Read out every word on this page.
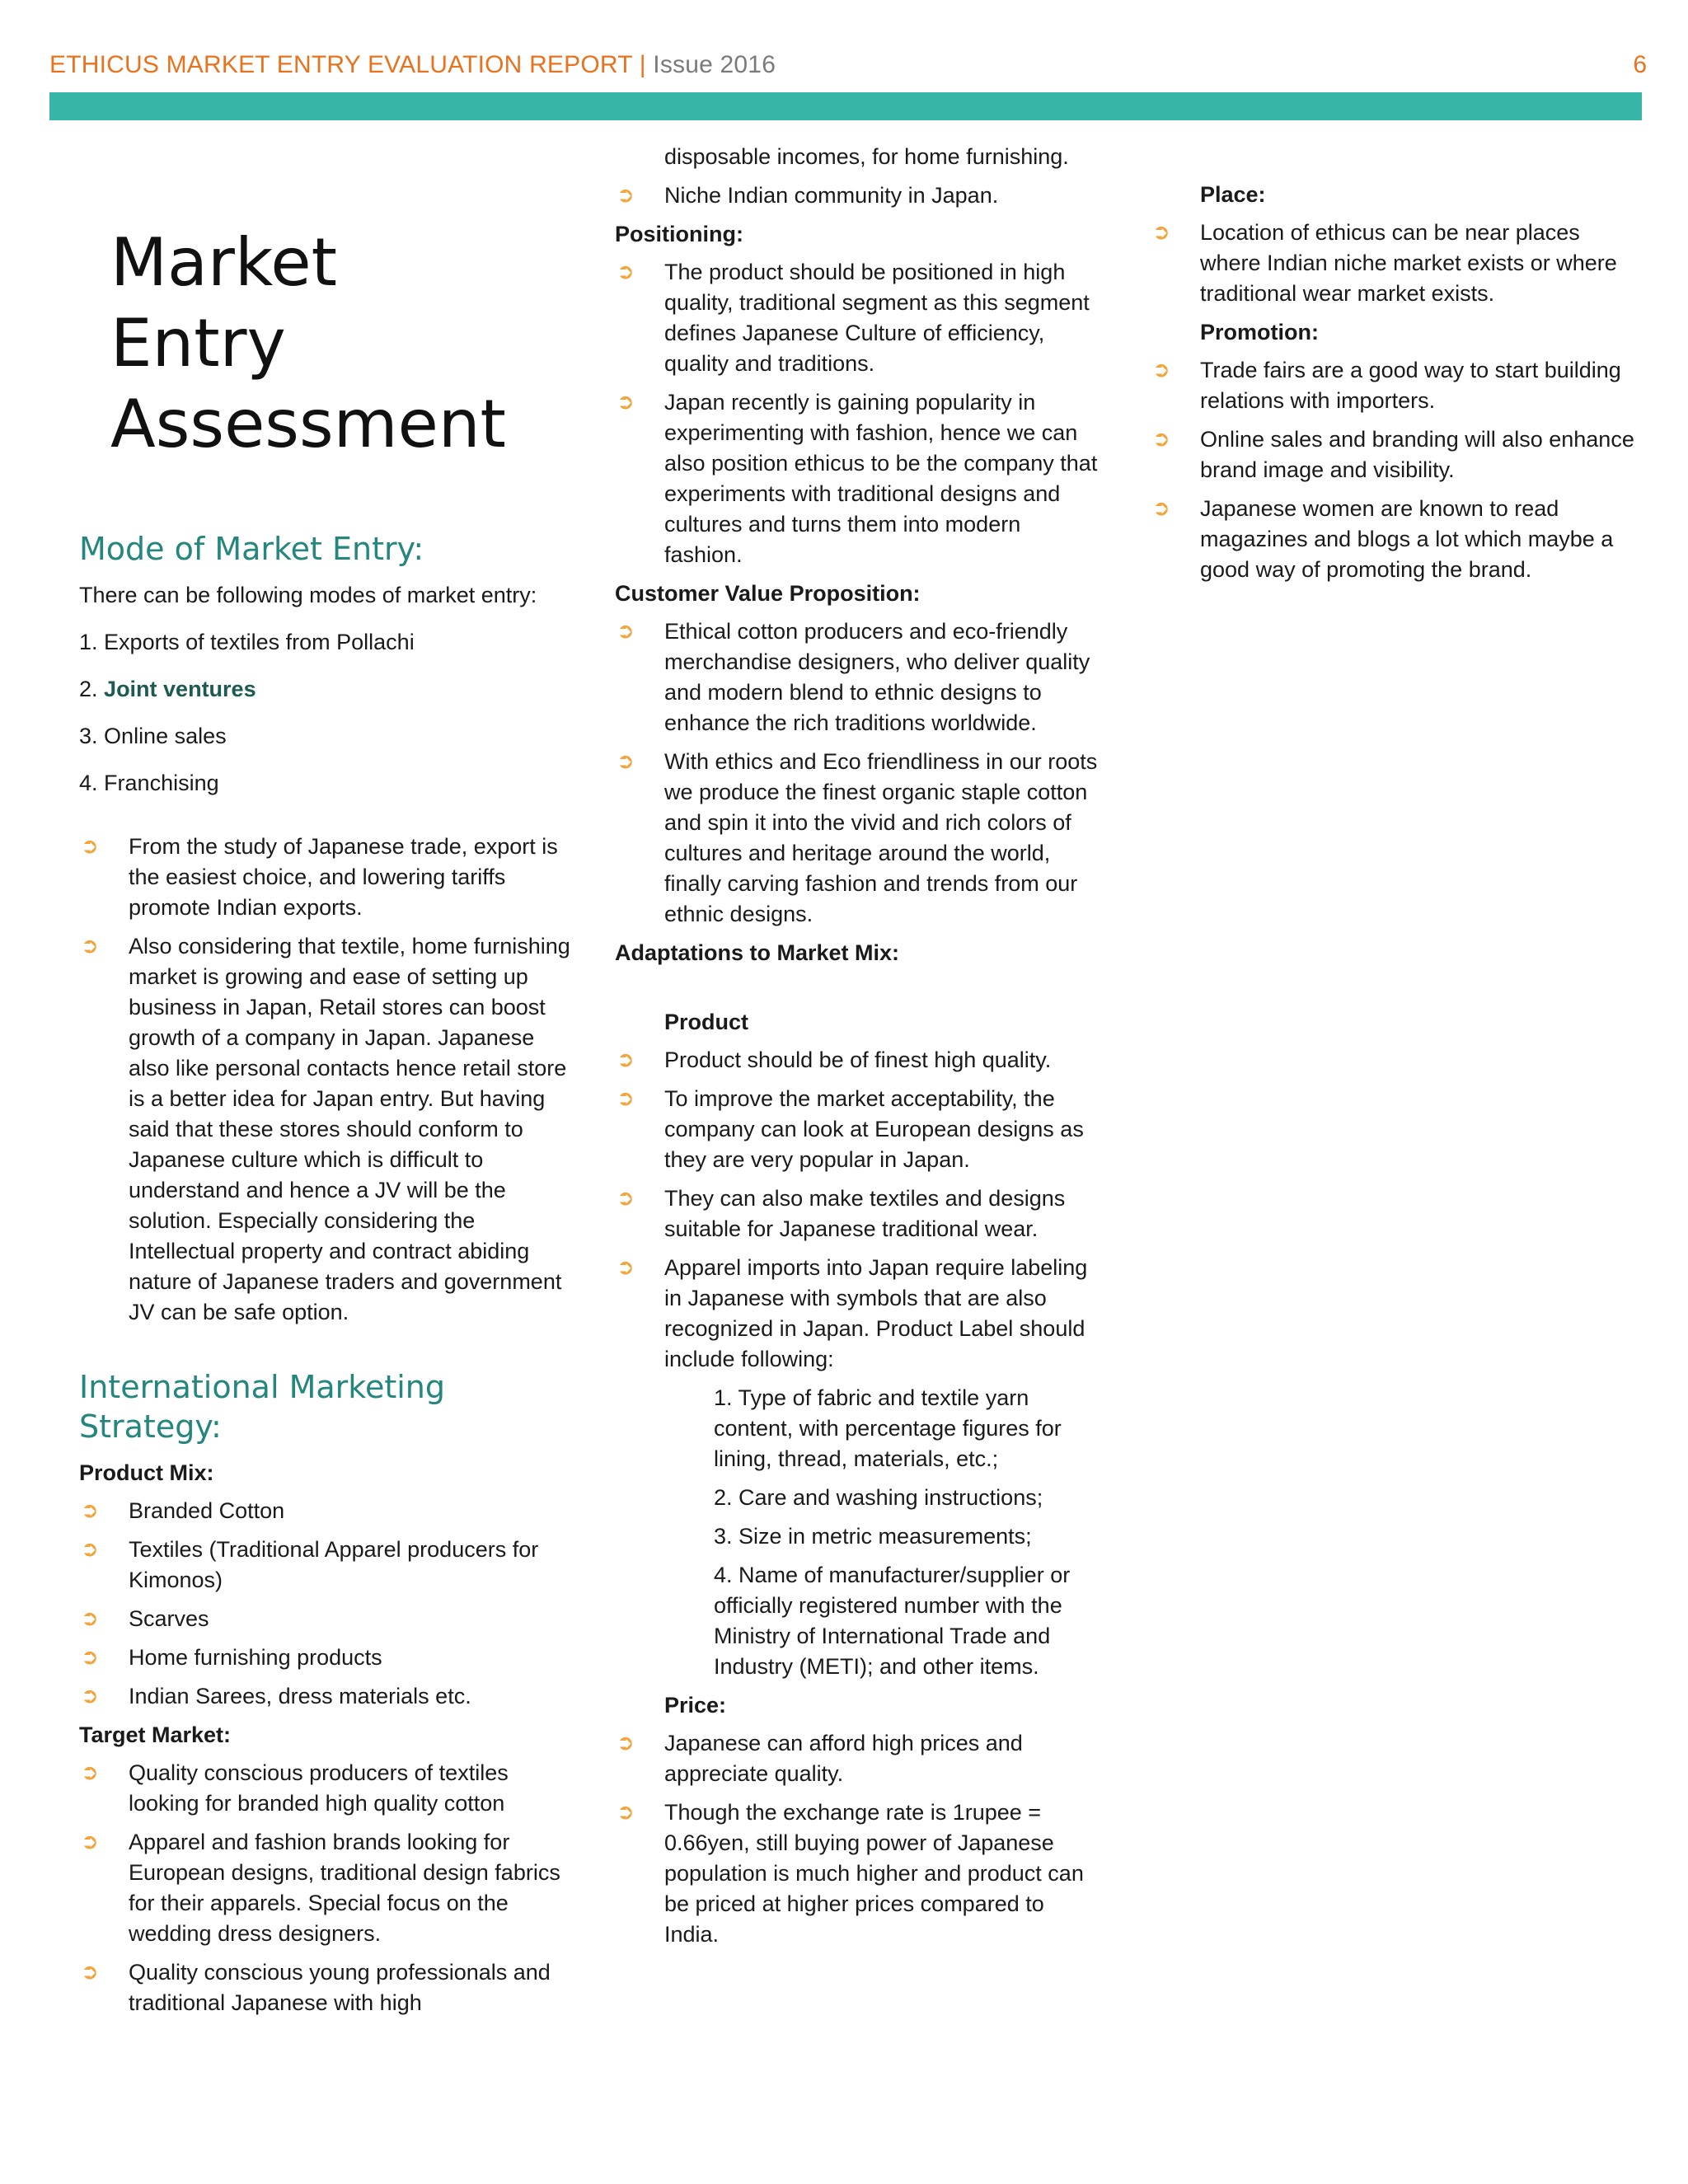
ETHICUS MARKET ENTRY EVALUATION REPORT | Issue 2016	6
Market
Entry
Assessment
Mode of Market Entry:

There can be following modes of market entry:

1. Exports of textiles from Pollachi

2. Joint ventures

3. Online sales

4. Franchising

➲ From the study of Japanese trade, export is the easiest choice, and lowering tariffs promote Indian exports.
➲ Also considering that textile, home furnishing market is growing and ease of setting up business in Japan, Retail stores can boost growth of a company in Japan. Japanese also like personal contacts hence retail store is a better idea for Japan entry. But having said that these stores should conform to Japanese culture which is difficult to understand and hence a JV will be the solution. Especially considering the Intellectual property and contract abiding nature of Japanese traders and government JV can be safe option.
International Marketing Strategy:
Product Mix:
➲ Branded Cotton
➲ Textiles (Traditional Apparel producers for Kimonos)
➲ Scarves
➲ Home furnishing products
➲ Indian Sarees, dress materials etc.
Target Market:
➲ Quality conscious producers of textiles looking for branded high quality cotton
➲ Apparel and fashion brands looking for European designs, traditional design fabrics for their apparels. Special focus on the wedding dress designers.
➲ Quality conscious young professionals and traditional Japanese with high
disposable incomes, for home furnishing.
➲ Niche Indian community in Japan.
Positioning:
➲ The product should be positioned in high quality, traditional segment as this segment defines Japanese Culture of efficiency, quality and traditions.
➲ Japan recently is gaining popularity in experimenting with fashion, hence we can also position ethicus to be the company that experiments with traditional designs and cultures and turns them into modern fashion.
Customer Value Proposition:
➲ Ethical cotton producers and eco-friendly merchandise designers, who deliver quality and modern blend to ethnic designs to enhance the rich traditions worldwide.
➲ With ethics and Eco friendliness in our roots we produce the finest organic staple cotton and spin it into the vivid and rich colors of cultures and heritage around the world, finally carving fashion and trends from our ethnic designs.
Adaptations to Market Mix:
Product
➲ Product should be of finest high quality.
➲ To improve the market acceptability, the company can look at European designs as they are very popular in Japan.
➲ They can also make textiles and designs suitable for Japanese traditional wear.
➲ Apparel imports into Japan require labeling in Japanese with symbols that are also recognized in Japan. Product Label should include following:
1. Type of fabric and textile yarn content, with percentage figures for lining, thread, materials, etc.;
2. Care and washing instructions;
3. Size in metric measurements;
4. Name of manufacturer/supplier or officially registered number with the Ministry of International Trade and Industry (METI); and other items.
Price:
➲ Japanese can afford high prices and appreciate quality.
➲ Though the exchange rate is 1rupee = 0.66yen, still buying power of Japanese population is much higher and product can be priced at higher prices compared to India.
Place:
➲ Location of ethicus can be near places where Indian niche market exists or where traditional wear market exists.
Promotion:
➲ Trade fairs are a good way to start building relations with importers.
➲ Online sales and branding will also enhance brand image and visibility.
➲ Japanese women are known to read magazines and blogs a lot which maybe a good way of promoting the brand.
